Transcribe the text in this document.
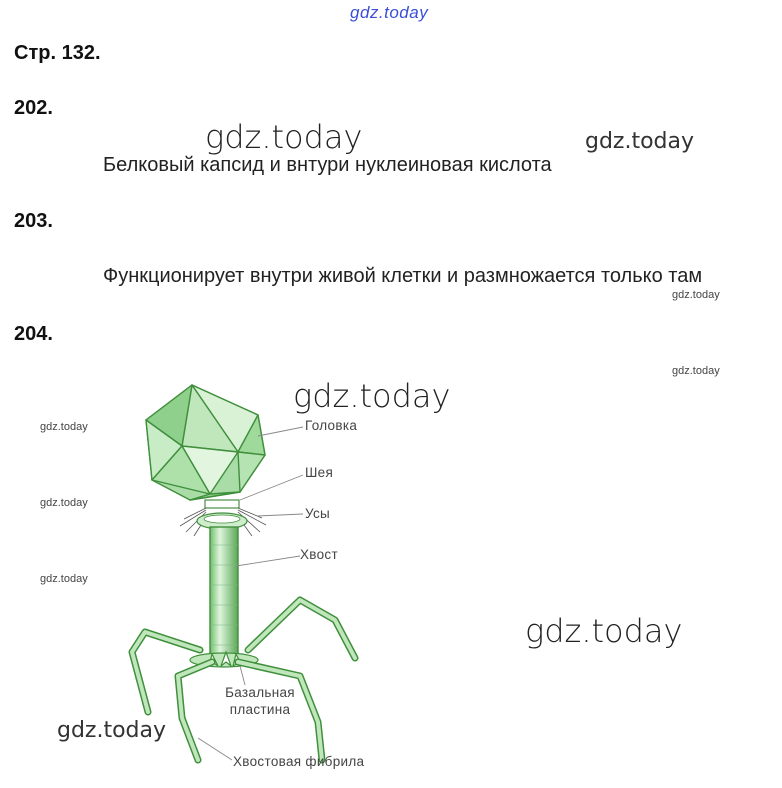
gdz.today
gdz.today	gdz.today
gdz.today
gdz.today
gdz.today
gdz.today
gdz.today
gdz.today
gdz.today
gdz.today
Стр. 132.
202.
Белковый капсид и внтури нуклеиновая кислота
203.
Функционирует внутри живой клетки и размножается только там
204.
Головка
Шея
Усы
Хвост
Базальная
пластина
Хвостовая фибрила
